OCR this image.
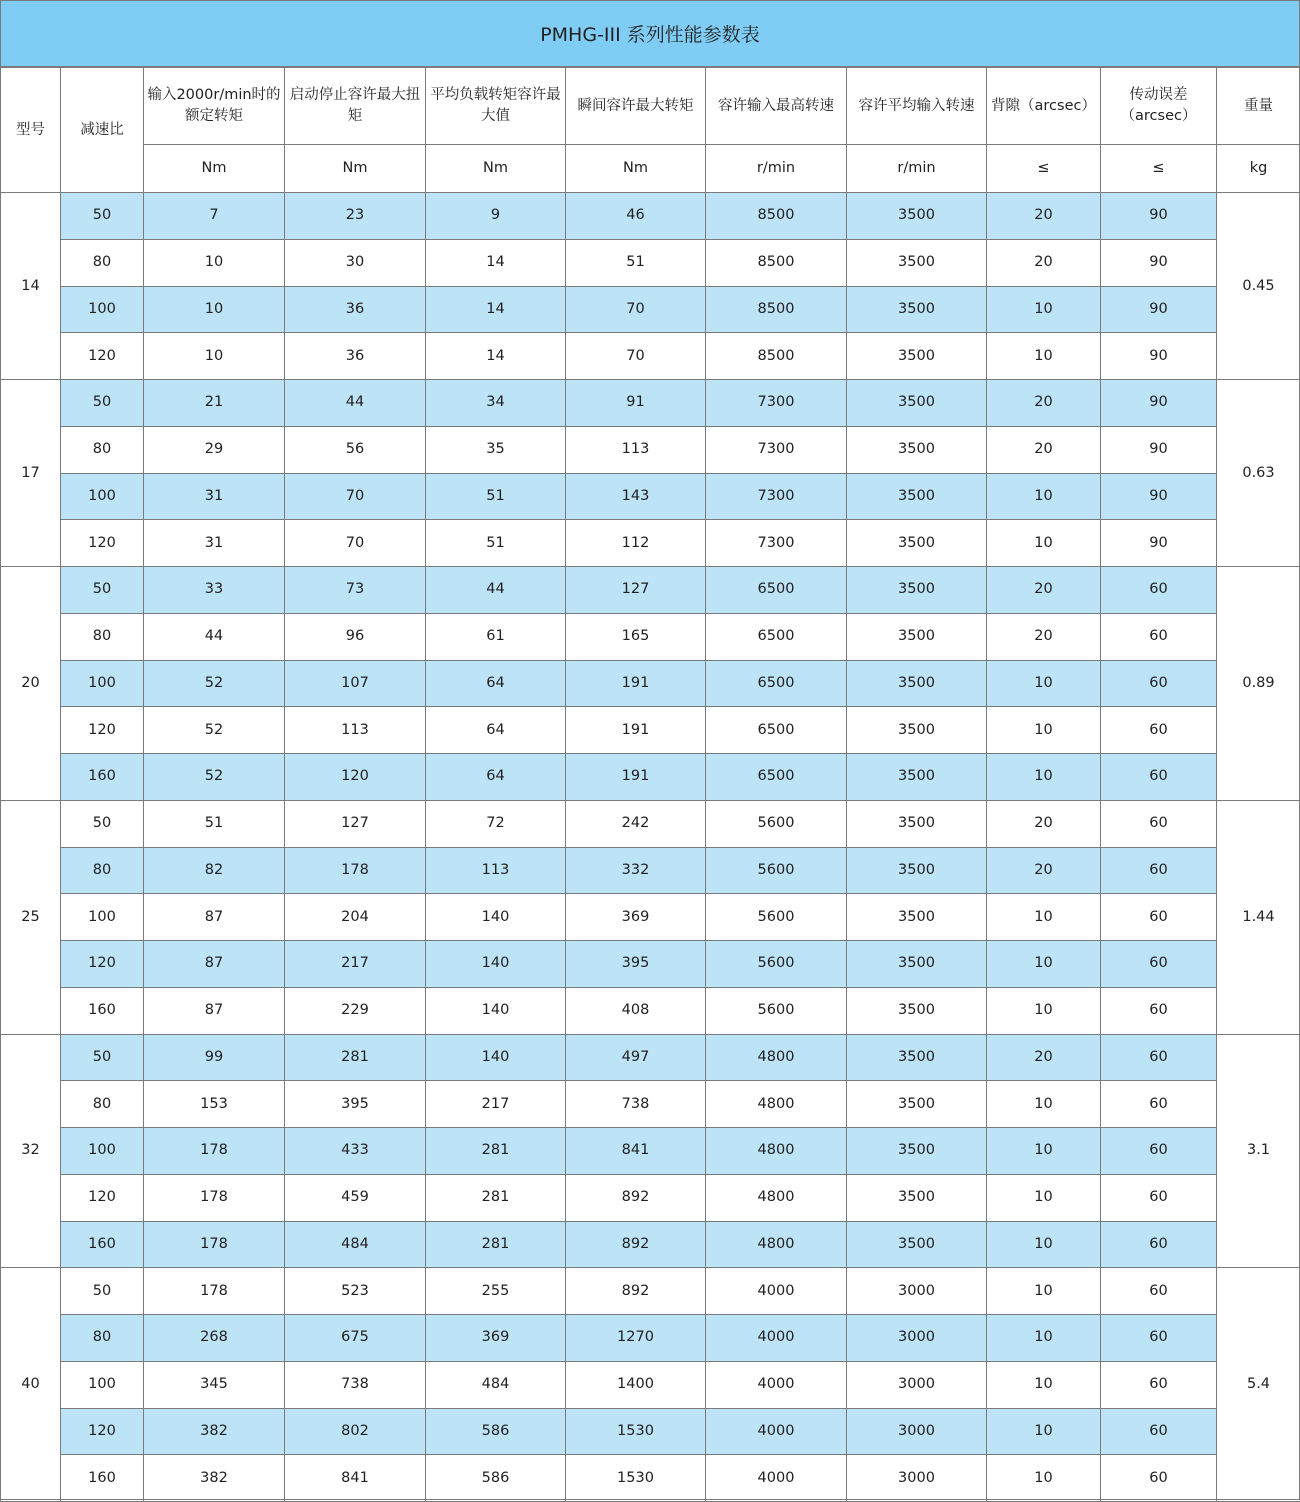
PMHG-III 系列性能参数表
型号	减速比	输入2000r/min时的额定转矩	启动停止容许最大扭矩	平均负载转矩容许最大值	瞬间容许最大转矩	容许输入最高转速	容许平均输入转速	背隙（arcsec）	传动误差（arcsec）	重量
		Nm	Nm	Nm	Nm	r/min	r/min	≤	≤	kg
14	50	7	23	9	46	8500	3500	20	90	0.45
	80	10	30	14	51	8500	3500	20	90	
	100	10	36	14	70	8500	3500	10	90	
	120	10	36	14	70	8500	3500	10	90	
17	50	21	44	34	91	7300	3500	20	90	0.63
	80	29	56	35	113	7300	3500	20	90	
	100	31	70	51	143	7300	3500	10	90	
	120	31	70	51	112	7300	3500	10	90	
20	50	33	73	44	127	6500	3500	20	60	0.89
	80	44	96	61	165	6500	3500	20	60	
	100	52	107	64	191	6500	3500	10	60	
	120	52	113	64	191	6500	3500	10	60	
	160	52	120	64	191	6500	3500	10	60	
25	50	51	127	72	242	5600	3500	20	60	1.44
	80	82	178	113	332	5600	3500	20	60	
	100	87	204	140	369	5600	3500	10	60	
	120	87	217	140	395	5600	3500	10	60	
	160	87	229	140	408	5600	3500	10	60	
32	50	99	281	140	497	4800	3500	20	60	3.1
	80	153	395	217	738	4800	3500	10	60	
	100	178	433	281	841	4800	3500	10	60	
	120	178	459	281	892	4800	3500	10	60	
	160	178	484	281	892	4800	3500	10	60	
40	50	178	523	255	892	4000	3000	10	60	5.4
	80	268	675	369	1270	4000	3000	10	60	
	100	345	738	484	1400	4000	3000	10	60	
	120	382	802	586	1530	4000	3000	10	60	
	160	382	841	586	1530	4000	3000	10	60	
